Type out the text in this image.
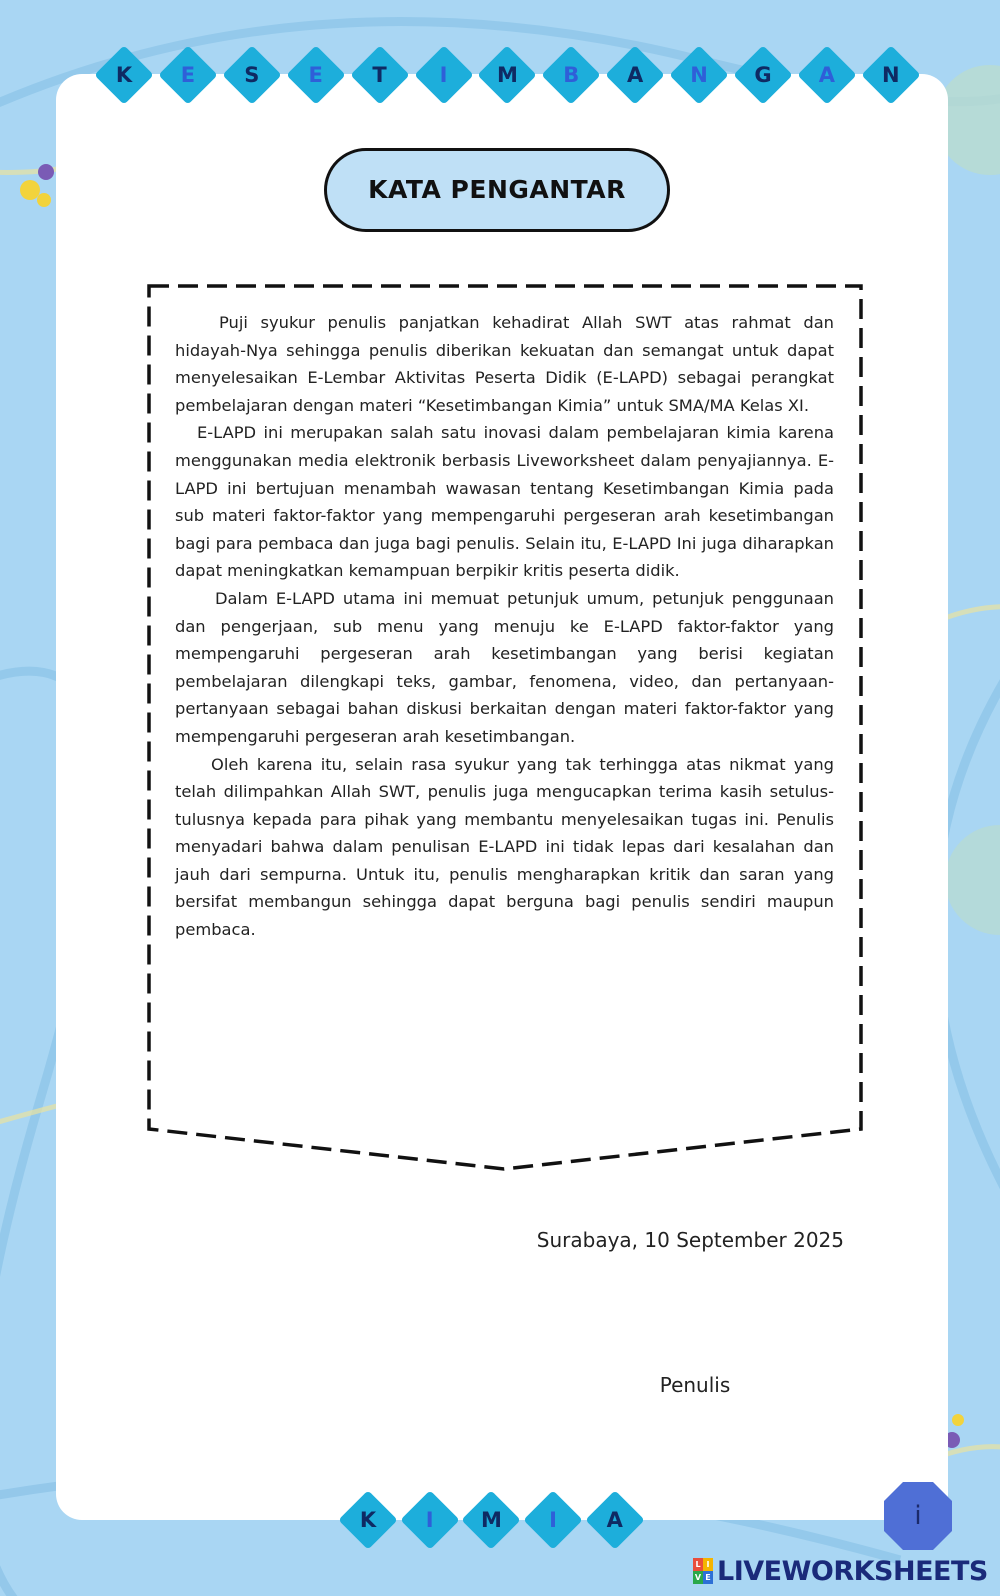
K	E	S	E	T	I	M	B	A	N	G	A	N
KATA PENGANTAR

Puji syukur penulis panjatkan kehadirat Allah SWT atas rahmat dan hidayah-Nya sehingga penulis diberikan kekuatan dan semangat untuk dapat menyelesaikan E-Lembar Aktivitas Peserta Didik (E-LAPD) sebagai perangkat pembelajaran dengan materi “Kesetimbangan Kimia” untuk SMA/MA Kelas XI.

E-LAPD ini merupakan salah satu inovasi dalam pembelajaran kimia karena menggunakan media elektronik berbasis Liveworksheet dalam penyajiannya. E-LAPD ini bertujuan menambah wawasan tentang Kesetimbangan Kimia pada sub materi faktor-faktor yang mempengaruhi pergeseran arah kesetimbangan bagi para pembaca dan juga bagi penulis. Selain itu, E-LAPD Ini juga diharapkan dapat meningkatkan kemampuan berpikir kritis peserta didik.

Dalam E-LAPD utama ini memuat petunjuk umum, petunjuk penggunaan dan pengerjaan, sub menu yang menuju ke E-LAPD faktor-faktor yang mempengaruhi pergeseran arah kesetimbangan yang berisi kegiatan pembelajaran dilengkapi teks, gambar, fenomena, video, dan pertanyaan-pertanyaan sebagai bahan diskusi berkaitan dengan materi faktor-faktor yang mempengaruhi pergeseran arah kesetimbangan.

Oleh karena itu, selain rasa syukur yang tak terhingga atas nikmat yang telah dilimpahkan Allah SWT, penulis juga mengucapkan terima kasih setulus-tulusnya kepada para pihak yang membantu menyelesaikan tugas ini. Penulis menyadari bahwa dalam penulisan E-LAPD ini tidak lepas dari kesalahan dan jauh dari sempurna. Untuk itu, penulis mengharapkan kritik dan saran yang bersifat membangun sehingga dapat berguna bagi penulis sendiri maupun pembaca.

Surabaya, 10 September 2025
Penulis
K	I	M	I	A	i
L I
V E LIVEWORKSHEETS
